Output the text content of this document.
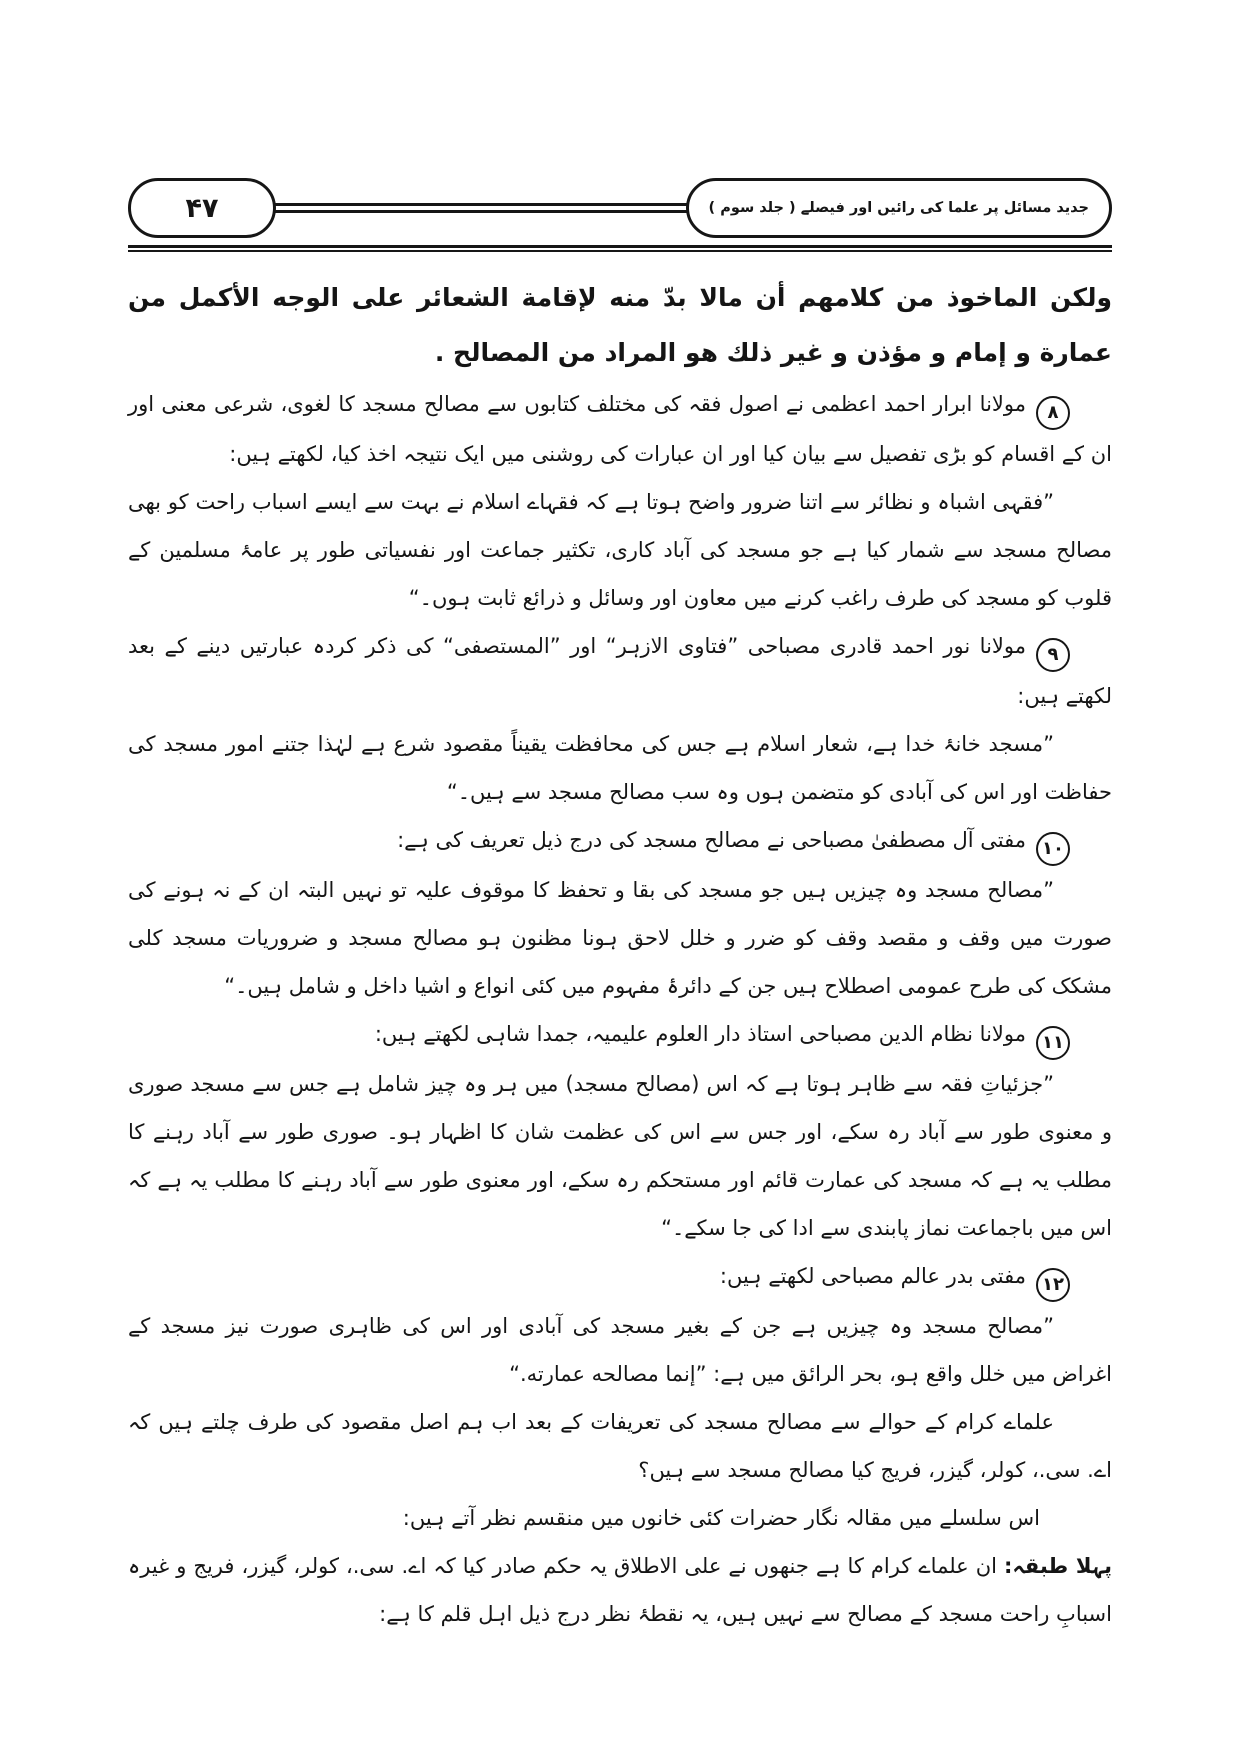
۴۷	جدید مسائل پر علما کی رائیں اور فیصلے ( جلد سوم )

ولكن الماخوذ من كلامهم أن مالا بدّ منه لإقامة الشعائر على الوجه الأكمل من عمارة و إمام و مؤذن و غير ذلك هو المراد من المصالح .

۸مولانا ابرار احمد اعظمی نے اصول فقہ کی مختلف کتابوں سے مصالح مسجد کا لغوی، شرعی معنی اور ان کے اقسام کو بڑی تفصیل سے بیان کیا اور ان عبارات کی روشنی میں ایک نتیجہ اخذ کیا، لکھتے ہیں:

”فقہی اشباہ و نظائر سے اتنا ضرور واضح ہوتا ہے کہ فقہاے اسلام نے بہت سے ایسے اسباب راحت کو بھی مصالح مسجد سے شمار کیا ہے جو مسجد کی آباد کاری، تکثیر جماعت اور نفسیاتی طور پر عامۂ مسلمین کے قلوب کو مسجد کی طرف راغب کرنے میں معاون اور وسائل و ذرائع ثابت ہوں۔“

۹مولانا نور احمد قادری مصباحی ”فتاوی الازہر“ اور ”المستصفی“ کی ذکر کردہ عبارتیں دینے کے بعد لکھتے ہیں:

”مسجد خانۂ خدا ہے، شعار اسلام ہے جس کی محافظت یقیناً مقصود شرع ہے لہٰذا جتنے امور مسجد کی حفاظت اور اس کی آبادی کو متضمن ہوں وہ سب مصالح مسجد سے ہیں۔“

۱۰مفتی آل مصطفیٰ مصباحی نے مصالح مسجد کی درج ذیل تعریف کی ہے:

”مصالح مسجد وہ چیزیں ہیں جو مسجد کی بقا و تحفظ کا موقوف علیہ تو نہیں البتہ ان کے نہ ہونے کی صورت میں وقف و مقصد وقف کو ضرر و خلل لاحق ہونا مظنون ہو مصالح مسجد و ضروریات مسجد کلی مشکک کی طرح عمومی اصطلاح ہیں جن کے دائرۂ مفہوم میں کئی انواع و اشیا داخل و شامل ہیں۔“

۱۱مولانا نظام الدین مصباحی استاذ دار العلوم علیمیہ، جمدا شاہی لکھتے ہیں:

”جزئیاتِ فقہ سے ظاہر ہوتا ہے کہ اس (مصالح مسجد) میں ہر وہ چیز شامل ہے جس سے مسجد صوری و معنوی طور سے آباد رہ سکے، اور جس سے اس کی عظمت شان کا اظہار ہو۔ صوری طور سے آباد رہنے کا مطلب یہ ہے کہ مسجد کی عمارت قائم اور مستحکم رہ سکے، اور معنوی طور سے آباد رہنے کا مطلب یہ ہے کہ اس میں باجماعت نماز پابندی سے ادا کی جا سکے۔“

۱۲مفتی بدر عالم مصباحی لکھتے ہیں:

”مصالح مسجد وہ چیزیں ہے جن کے بغیر مسجد کی آبادی اور اس کی ظاہری صورت نیز مسجد کے اغراض میں خلل واقع ہو، بحر الرائق میں ہے: ”إنما مصالحه عمارته.“

علماے کرام کے حوالے سے مصالح مسجد کی تعریفات کے بعد اب ہم اصل مقصود کی طرف چلتے ہیں کہ اے. سی.، کولر، گیزر، فریج کیا مصالح مسجد سے ہیں؟

اس سلسلے میں مقالہ نگار حضرات کئی خانوں میں منقسم نظر آتے ہیں:

پہلا طبقہ: ان علماے کرام کا ہے جنھوں نے علی الاطلاق یہ حکم صادر کیا کہ اے. سی.، کولر، گیزر، فریج و غیرہ اسبابِ راحت مسجد کے مصالح سے نہیں ہیں، یہ نقطۂ نظر درج ذیل اہل قلم کا ہے:
